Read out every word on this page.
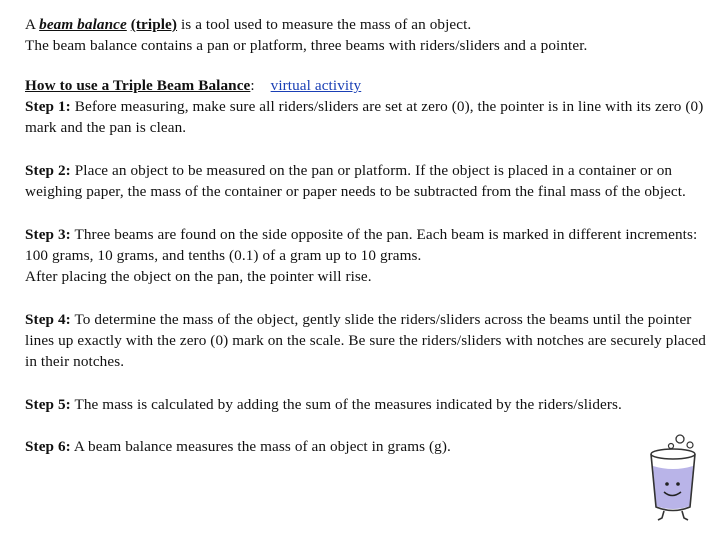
A beam balance (triple) is a tool used to measure the mass of an object.

The beam balance contains a pan or platform, three beams with riders/sliders and a pointer.

How to use a Triple Beam Balance: virtual activity

Step 1: Before measuring, make sure all riders/sliders are set at zero (0), the pointer is in line with its zero (0) mark and the pan is clean.

Step 2: Place an object to be measured on the pan or platform. If the object is placed in a container or on weighing paper, the mass of the container or paper needs to be subtracted from the final mass of the object.

Step 3: Three beams are found on the side opposite of the pan. Each beam is marked in different increments: 100 grams, 10 grams, and tenths (0.1) of a gram up to 10 grams.

After placing the object on the pan, the pointer will rise.

Step 4: To determine the mass of the object, gently slide the riders/sliders across the beams until the pointer lines up exactly with the zero (0) mark on the scale. Be sure the riders/sliders with notches are securely placed in their notches.

Step 5: The mass is calculated by adding the sum of the measures indicated by the riders/sliders.

Step 6: A beam balance measures the mass of an object in grams (g).
